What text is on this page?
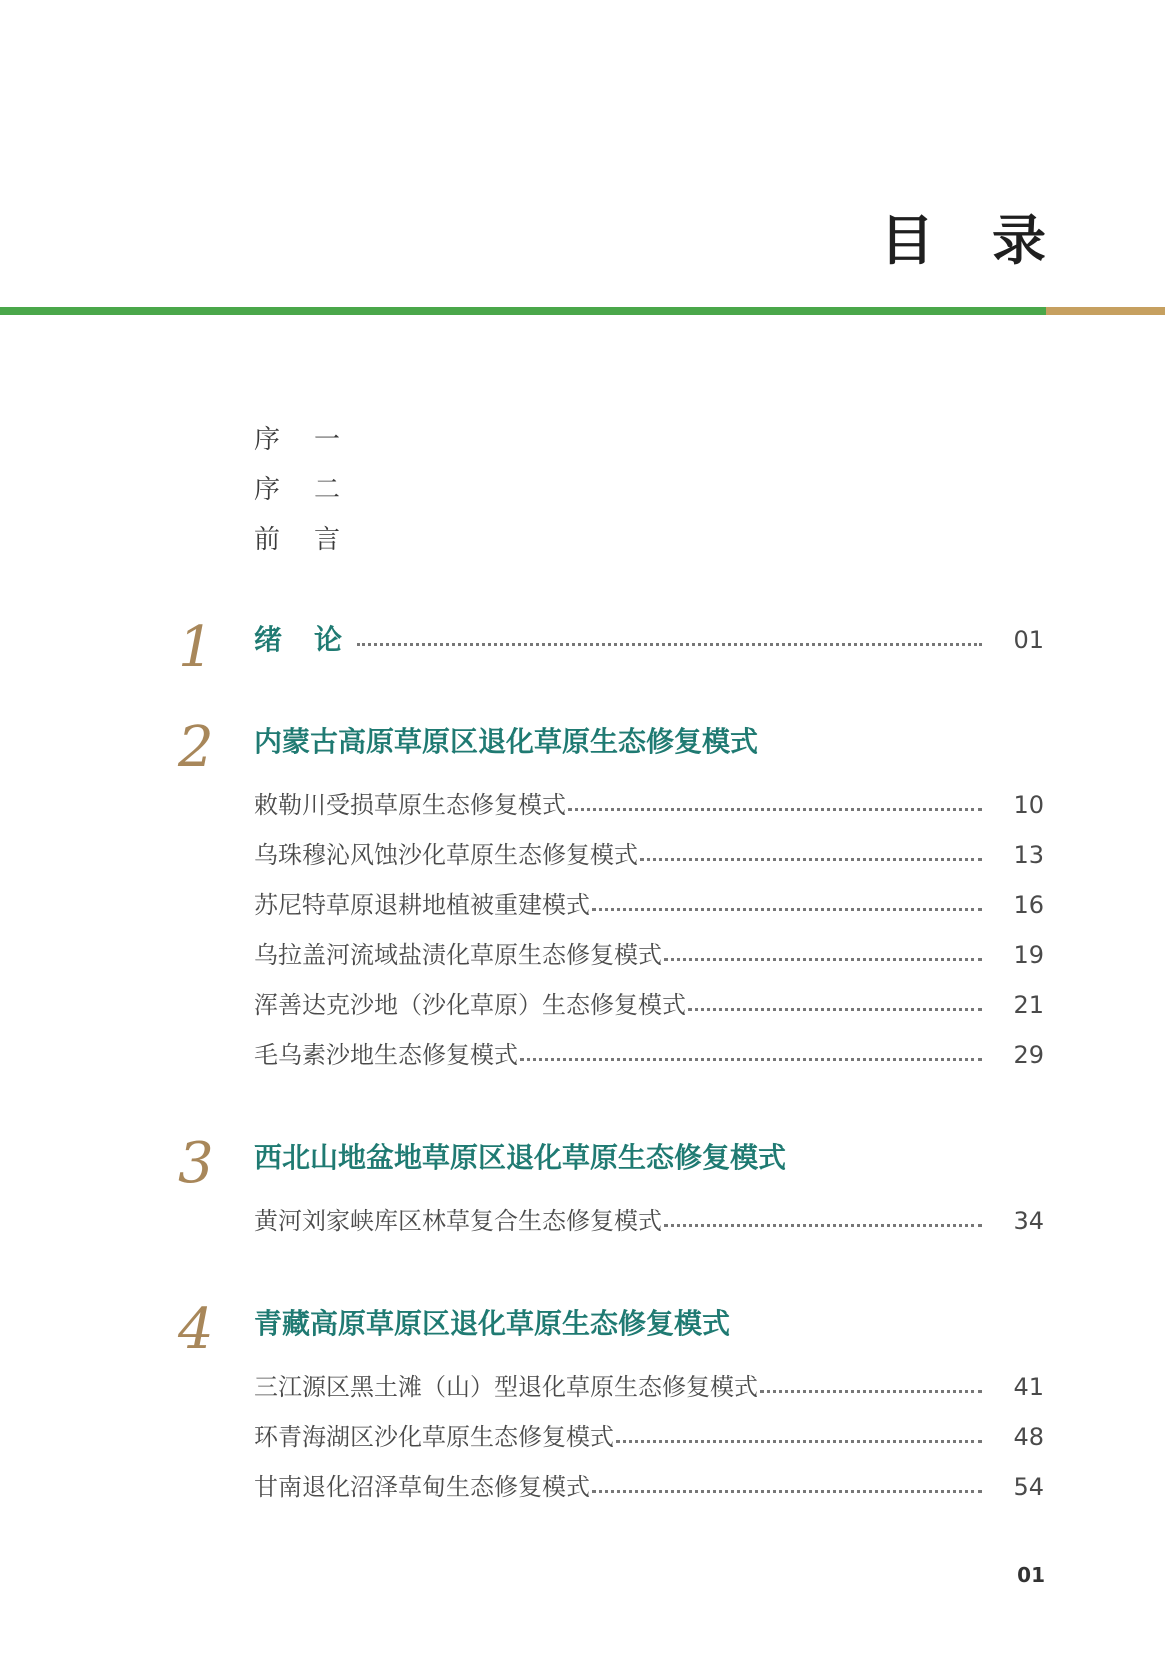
目 录
序 一
序 二
前 言
1	绪 论	01
2	内蒙古高原草原区退化草原生态修复模式
敕勒川受损草原生态修复模式	10
乌珠穆沁风蚀沙化草原生态修复模式	13
苏尼特草原退耕地植被重建模式	16
乌拉盖河流域盐渍化草原生态修复模式	19
浑善达克沙地（沙化草原）生态修复模式	21
毛乌素沙地生态修复模式	29
3	西北山地盆地草原区退化草原生态修复模式
黄河刘家峡库区林草复合生态修复模式	34
4	青藏高原草原区退化草原生态修复模式
三江源区黑土滩（山）型退化草原生态修复模式	41
环青海湖区沙化草原生态修复模式	48
甘南退化沼泽草甸生态修复模式	54
01
